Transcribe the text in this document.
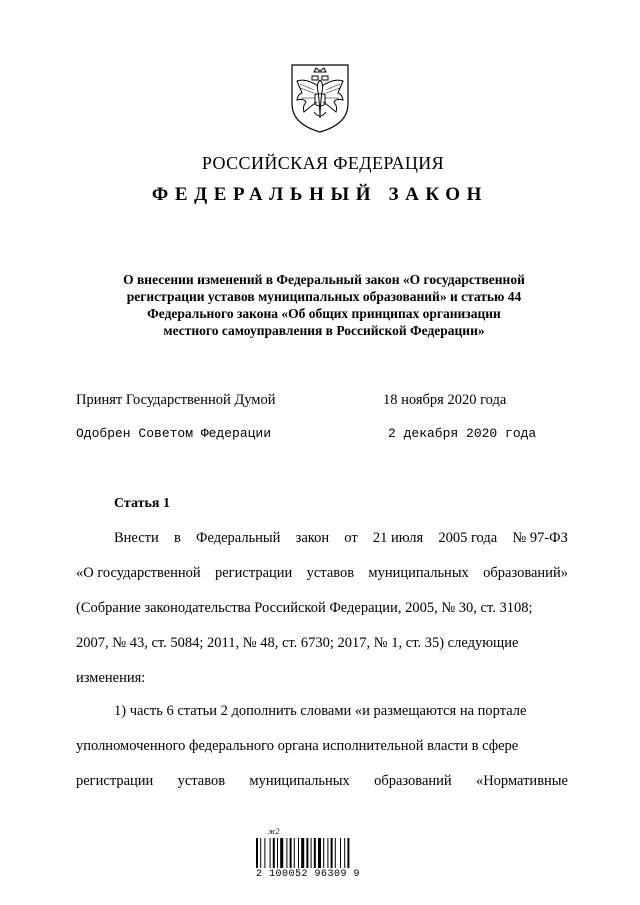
РОССИЙСКАЯ ФЕДЕРАЦИЯ
ФЕДЕРАЛЬНЫЙ ЗАКОН
О внесении изменений в Федеральный закон «О государственной
регистрации уставов муниципальных образований» и статью 44
Федерального закона «Об общих принципах организации
местного самоуправления в Российской Федерации»
Принят Государственной Думой	18 ноября 2020 года
Одобрен Советом Федерации	2 декабря 2020 года
Статья 1
Внести в Федеральный закон от 21 июля 2005 года № 97-ФЗ
«О государственной регистрации уставов муниципальных образований»
(Собрание законодательства Российской Федерации, 2005, № 30, ст. 3108;
2007, № 43, ст. 5084; 2011, № 48, ст. 6730; 2017, № 1, ст. 35) следующие
изменения:
1) часть 6 статьи 2 дополнить словами «и размещаются на портале
уполномоченного федерального органа исполнительной власти в сфере
регистрации уставов муниципальных образований «Нормативные
ж2
2 100052 96309 9
